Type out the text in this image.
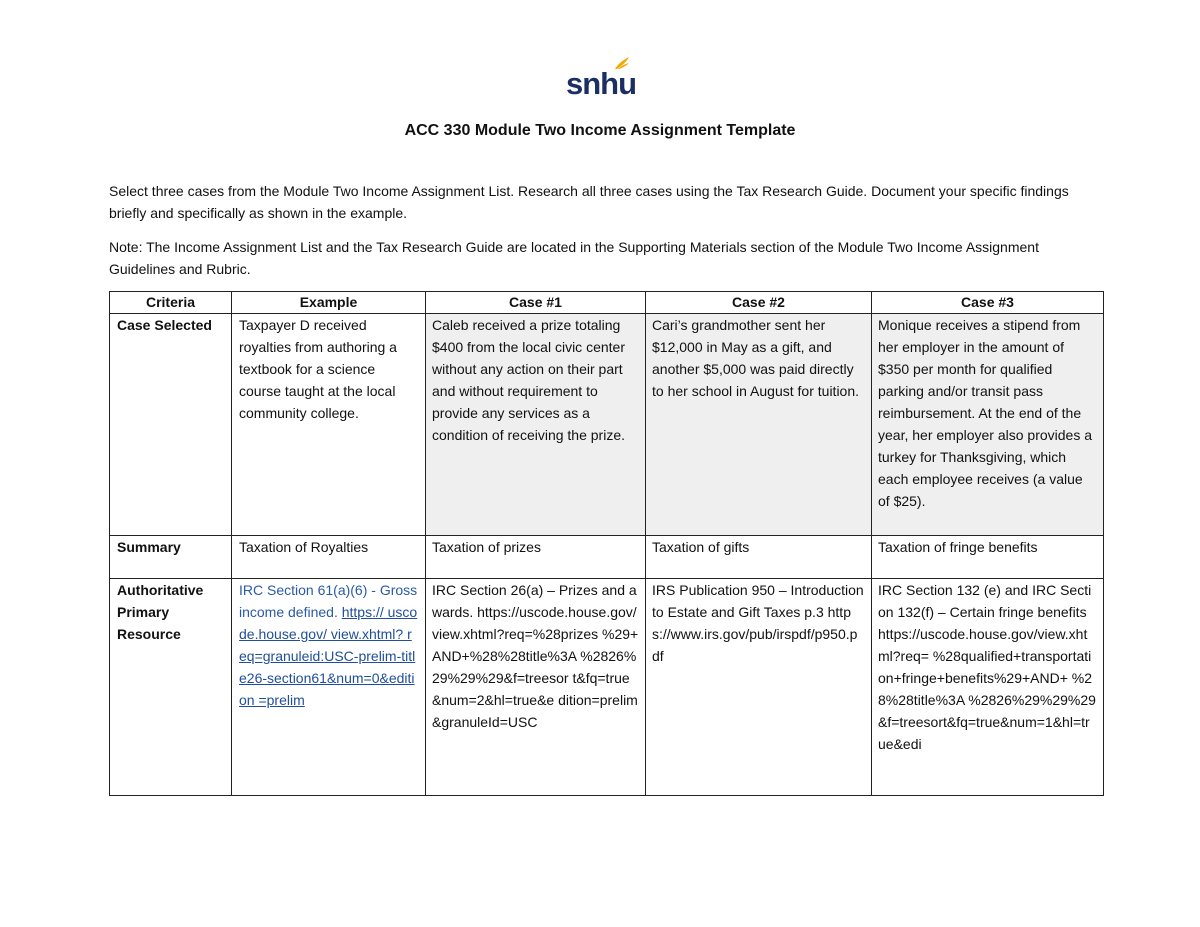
snhu
ACC 330 Module Two Income Assignment Template
Select three cases from the Module Two Income Assignment List. Research all three cases using the Tax Research Guide. Document your specific findings briefly and specifically as shown in the example.
Note: The Income Assignment List and the Tax Research Guide are located in the Supporting Materials section of the Module Two Income Assignment Guidelines and Rubric.
Criteria	Example	Case #1	Case #2	Case #3
Case Selected	Taxpayer D received royalties from authoring a textbook for a science course taught at the local community college.	Caleb received a prize totaling $400 from the local civic center without any action on their part and without requirement to provide any services as a condition of receiving the prize.	Cari’s grandmother sent her $12,000 in May as a gift, and another $5,000 was paid directly to her school in August for tuition.	Monique receives a stipend from her employer in the amount of $350 per month for qualified parking and/or transit pass reimbursement. At the end of the year, her employer also provides a turkey for Thanksgiving, which each employee receives (a value of $25).
Summary	Taxation of Royalties	Taxation of prizes	Taxation of gifts	Taxation of fringe benefits
Authoritative Primary Resource	IRC Section 61(a)(6) - Gross income defined. https:// uscode.house.gov/ view.xhtml? req=granuleid:USC-prelim-title26-section61&num=0&edition =prelim	IRC Section 26(a) – Prizes and awards. https://uscode.house.gov/view.xhtml?req=%28prizes %29+AND+%28%28title%3A %2826%29%29%29&f=treesor t&fq=true&num=2&hl=true&e dition=prelim&granuleId=USC	IRS Publication 950 – Introduction to Estate and Gift Taxes p.3 https://www.irs.gov/pub/irspdf/p950.pdf	IRC Section 132 (e) and IRC Section 132(f) – Certain fringe benefits https://uscode.house.gov/view.xhtml?req= %28qualified+transportation+fringe+benefits%29+AND+ %28%28title%3A %2826%29%29%29&f=treesort&fq=true&num=1&hl=true&edi
